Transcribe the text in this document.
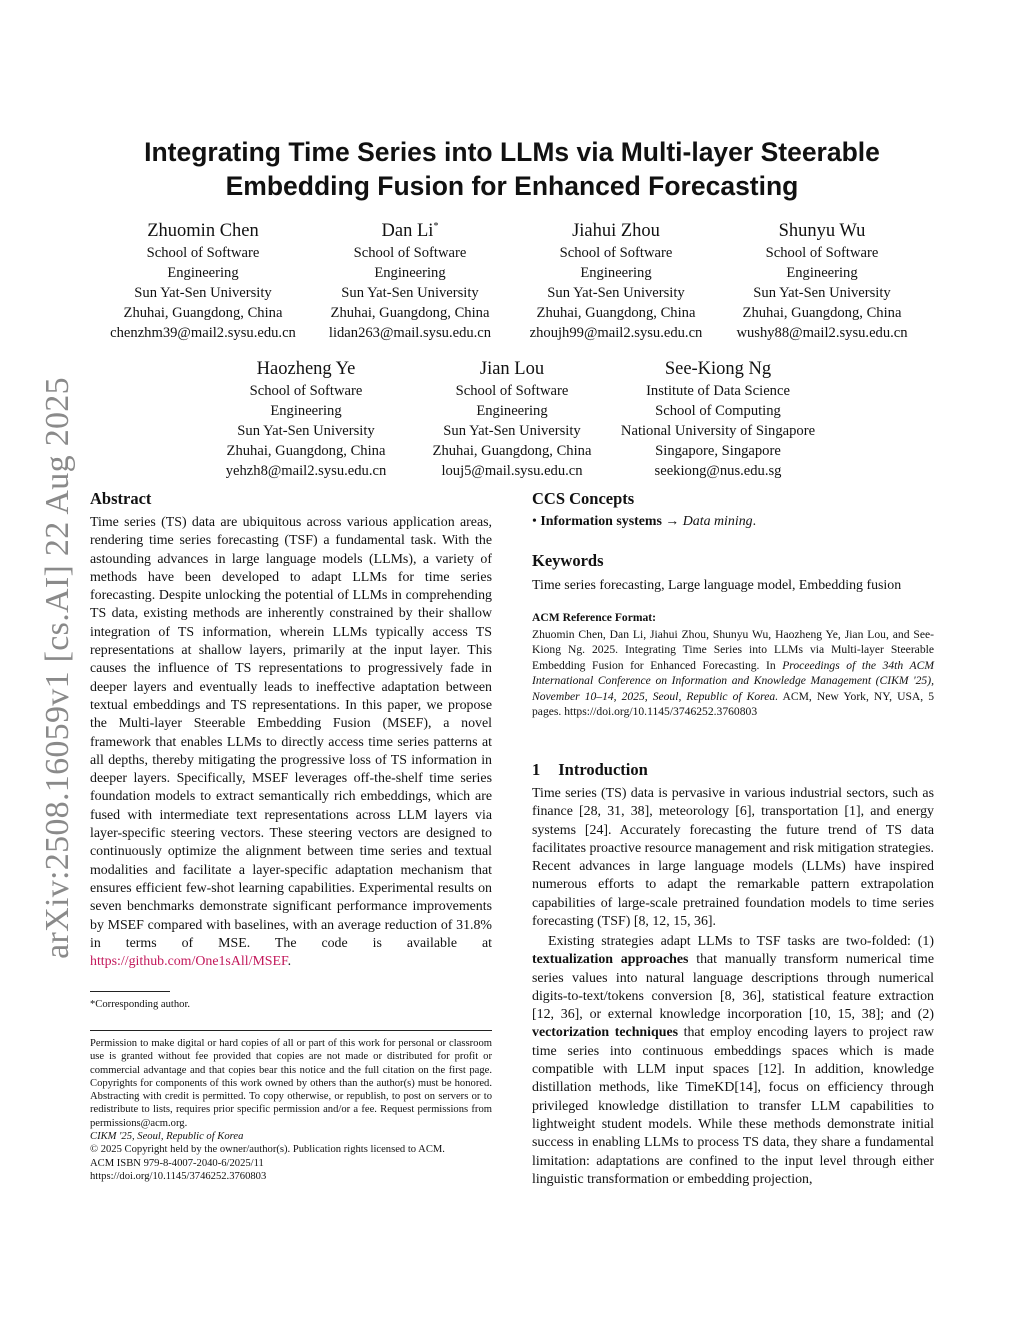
arXiv:2508.16059v1 [cs.AI] 22 Aug 2025
Integrating Time Series into LLMs via Multi-layer Steerable
Embedding Fusion for Enhanced Forecasting
Zhuomin Chen
School of Software
Engineering
Sun Yat-Sen University
Zhuhai, Guangdong, China
chenzhm39@mail2.sysu.edu.cn
Dan Li*
School of Software
Engineering
Sun Yat-Sen University
Zhuhai, Guangdong, China
lidan263@mail.sysu.edu.cn
Jiahui Zhou
School of Software
Engineering
Sun Yat-Sen University
Zhuhai, Guangdong, China
zhoujh99@mail2.sysu.edu.cn
Shunyu Wu
School of Software
Engineering
Sun Yat-Sen University
Zhuhai, Guangdong, China
wushy88@mail2.sysu.edu.cn
Haozheng Ye
School of Software
Engineering
Sun Yat-Sen University
Zhuhai, Guangdong, China
yehzh8@mail2.sysu.edu.cn
Jian Lou
School of Software
Engineering
Sun Yat-Sen University
Zhuhai, Guangdong, China
louj5@mail.sysu.edu.cn
See-Kiong Ng
Institute of Data Science
School of Computing
National University of Singapore
Singapore, Singapore
seekiong@nus.edu.sg
Abstract

Time series (TS) data are ubiquitous across various application areas, rendering time series forecasting (TSF) a fundamental task. With the astounding advances in large language models (LLMs), a variety of methods have been developed to adapt LLMs for time series forecasting. Despite unlocking the potential of LLMs in comprehending TS data, existing methods are inherently constrained by their shallow integration of TS information, wherein LLMs typically access TS representations at shallow layers, primarily at the input layer. This causes the influence of TS representations to progressively fade in deeper layers and eventually leads to ineffective adaptation between textual embeddings and TS representations. In this paper, we propose the Multi-layer Steerable Embedding Fusion (MSEF), a novel framework that enables LLMs to directly access time series patterns at all depths, thereby mitigating the progressive loss of TS information in deeper layers. Specifically, MSEF leverages off-the-shelf time series foundation models to extract semantically rich embeddings, which are fused with intermediate text representations across LLM layers via layer-specific steering vectors. These steering vectors are designed to continuously optimize the alignment between time series and textual modalities and facilitate a layer-specific adaptation mechanism that ensures efficient few-shot learning capabilities. Experimental results on seven benchmarks demonstrate significant performance improvements by MSEF compared with baselines, with an average reduction of 31.8% in terms of MSE. The code is available at https://github.com/One1sAll/MSEF.

*Corresponding author.
Permission to make digital or hard copies of all or part of this work for personal or classroom use is granted without fee provided that copies are not made or distributed for profit or commercial advantage and that copies bear this notice and the full citation on the first page. Copyrights for components of this work owned by others than the author(s) must be honored. Abstracting with credit is permitted. To copy otherwise, or republish, to post on servers or to redistribute to lists, requires prior specific permission and/or a fee. Request permissions from permissions@acm.org.
CIKM '25, Seoul, Republic of Korea
© 2025 Copyright held by the owner/author(s). Publication rights licensed to ACM.
ACM ISBN 979-8-4007-2040-6/2025/11
https://doi.org/10.1145/3746252.3760803
CCS Concepts
• Information systems → Data mining.
Keywords
Time series forecasting, Large language model, Embedding fusion
ACM Reference Format:

Zhuomin Chen, Dan Li, Jiahui Zhou, Shunyu Wu, Haozheng Ye, Jian Lou, and See-Kiong Ng. 2025. Integrating Time Series into LLMs via Multi-layer Steerable Embedding Fusion for Enhanced Forecasting. In Proceedings of the 34th ACM International Conference on Information and Knowledge Management (CIKM '25), November 10–14, 2025, Seoul, Republic of Korea. ACM, New York, NY, USA, 5 pages. https://doi.org/10.1145/3746252.3760803

1 Introduction

Time series (TS) data is pervasive in various industrial sectors, such as finance [28, 31, 38], meteorology [6], transportation [1], and energy systems [24]. Accurately forecasting the future trend of TS data facilitates proactive resource management and risk mitigation strategies. Recent advances in large language models (LLMs) have inspired numerous efforts to adapt the remarkable pattern extrapolation capabilities of large-scale pretrained foundation models to time series forecasting (TSF) [8, 12, 15, 36].

Existing strategies adapt LLMs to TSF tasks are two-folded: (1) textualization approaches that manually transform numerical time series values into natural language descriptions through numerical digits-to-text/tokens conversion [8, 36], statistical feature extraction [12, 36], or external knowledge incorporation [10, 15, 38]; and (2) vectorization techniques that employ encoding layers to project raw time series into continuous embeddings spaces which is made compatible with LLM input spaces [12]. In addition, knowledge distillation methods, like TimeKD[14], focus on efficiency through privileged knowledge distillation to transfer LLM capabilities to lightweight student models. While these methods demonstrate initial success in enabling LLMs to process TS data, they share a fundamental limitation: adaptations are confined to the input level through either linguistic transformation or embedding projection,
